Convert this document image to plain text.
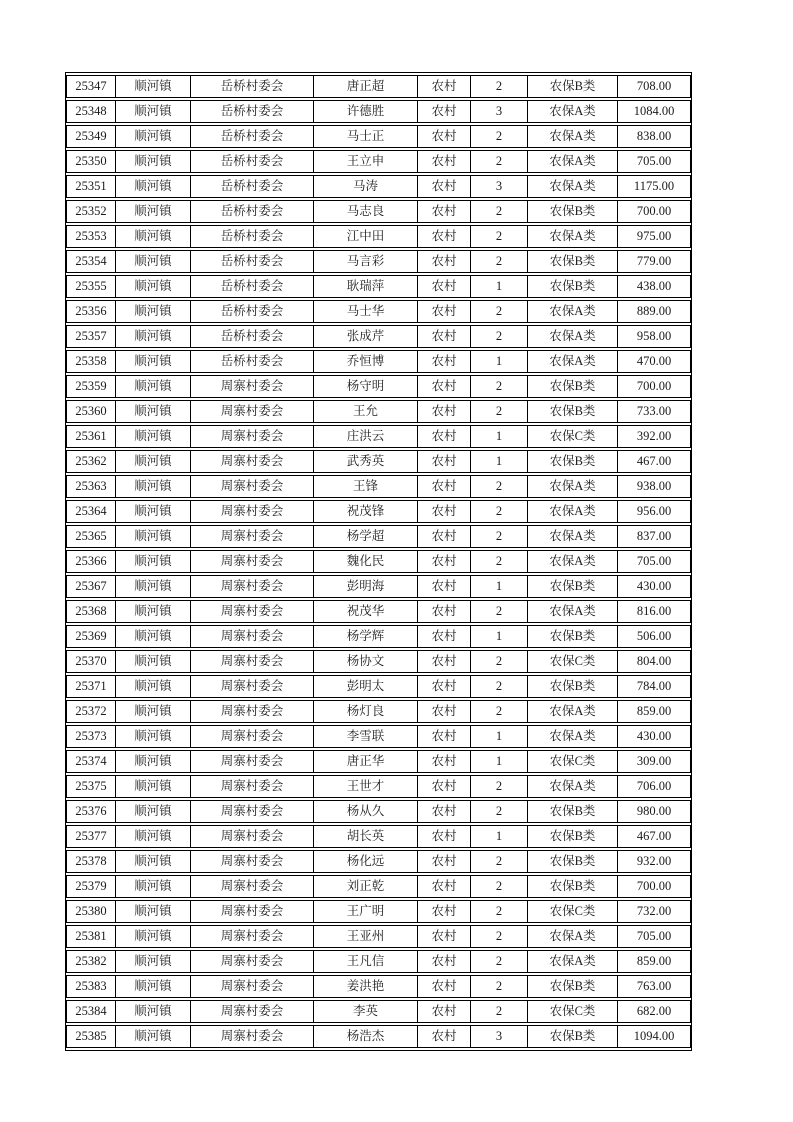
25347	顺河镇	岳桥村委会	唐正超	农村	2	农保B类	708.00
25348	顺河镇	岳桥村委会	许德胜	农村	3	农保A类	1084.00
25349	顺河镇	岳桥村委会	马士正	农村	2	农保A类	838.00
25350	顺河镇	岳桥村委会	王立申	农村	2	农保A类	705.00
25351	顺河镇	岳桥村委会	马涛	农村	3	农保A类	1175.00
25352	顺河镇	岳桥村委会	马志良	农村	2	农保B类	700.00
25353	顺河镇	岳桥村委会	江中田	农村	2	农保A类	975.00
25354	顺河镇	岳桥村委会	马言彩	农村	2	农保B类	779.00
25355	顺河镇	岳桥村委会	耿瑞萍	农村	1	农保B类	438.00
25356	顺河镇	岳桥村委会	马士华	农村	2	农保A类	889.00
25357	顺河镇	岳桥村委会	张成芹	农村	2	农保A类	958.00
25358	顺河镇	岳桥村委会	乔恒博	农村	1	农保A类	470.00
25359	顺河镇	周寨村委会	杨守明	农村	2	农保B类	700.00
25360	顺河镇	周寨村委会	王允	农村	2	农保B类	733.00
25361	顺河镇	周寨村委会	庄洪云	农村	1	农保C类	392.00
25362	顺河镇	周寨村委会	武秀英	农村	1	农保B类	467.00
25363	顺河镇	周寨村委会	王锋	农村	2	农保A类	938.00
25364	顺河镇	周寨村委会	祝茂锋	农村	2	农保A类	956.00
25365	顺河镇	周寨村委会	杨学超	农村	2	农保A类	837.00
25366	顺河镇	周寨村委会	魏化民	农村	2	农保A类	705.00
25367	顺河镇	周寨村委会	彭明海	农村	1	农保B类	430.00
25368	顺河镇	周寨村委会	祝茂华	农村	2	农保A类	816.00
25369	顺河镇	周寨村委会	杨学辉	农村	1	农保B类	506.00
25370	顺河镇	周寨村委会	杨协文	农村	2	农保C类	804.00
25371	顺河镇	周寨村委会	彭明太	农村	2	农保B类	784.00
25372	顺河镇	周寨村委会	杨灯良	农村	2	农保A类	859.00
25373	顺河镇	周寨村委会	李雪联	农村	1	农保A类	430.00
25374	顺河镇	周寨村委会	唐正华	农村	1	农保C类	309.00
25375	顺河镇	周寨村委会	王世才	农村	2	农保A类	706.00
25376	顺河镇	周寨村委会	杨从久	农村	2	农保B类	980.00
25377	顺河镇	周寨村委会	胡长英	农村	1	农保B类	467.00
25378	顺河镇	周寨村委会	杨化远	农村	2	农保B类	932.00
25379	顺河镇	周寨村委会	刘正乾	农村	2	农保B类	700.00
25380	顺河镇	周寨村委会	王广明	农村	2	农保C类	732.00
25381	顺河镇	周寨村委会	王亚州	农村	2	农保A类	705.00
25382	顺河镇	周寨村委会	王凡信	农村	2	农保A类	859.00
25383	顺河镇	周寨村委会	姜洪艳	农村	2	农保B类	763.00
25384	顺河镇	周寨村委会	李英	农村	2	农保C类	682.00
25385	顺河镇	周寨村委会	杨浩杰	农村	3	农保B类	1094.00
